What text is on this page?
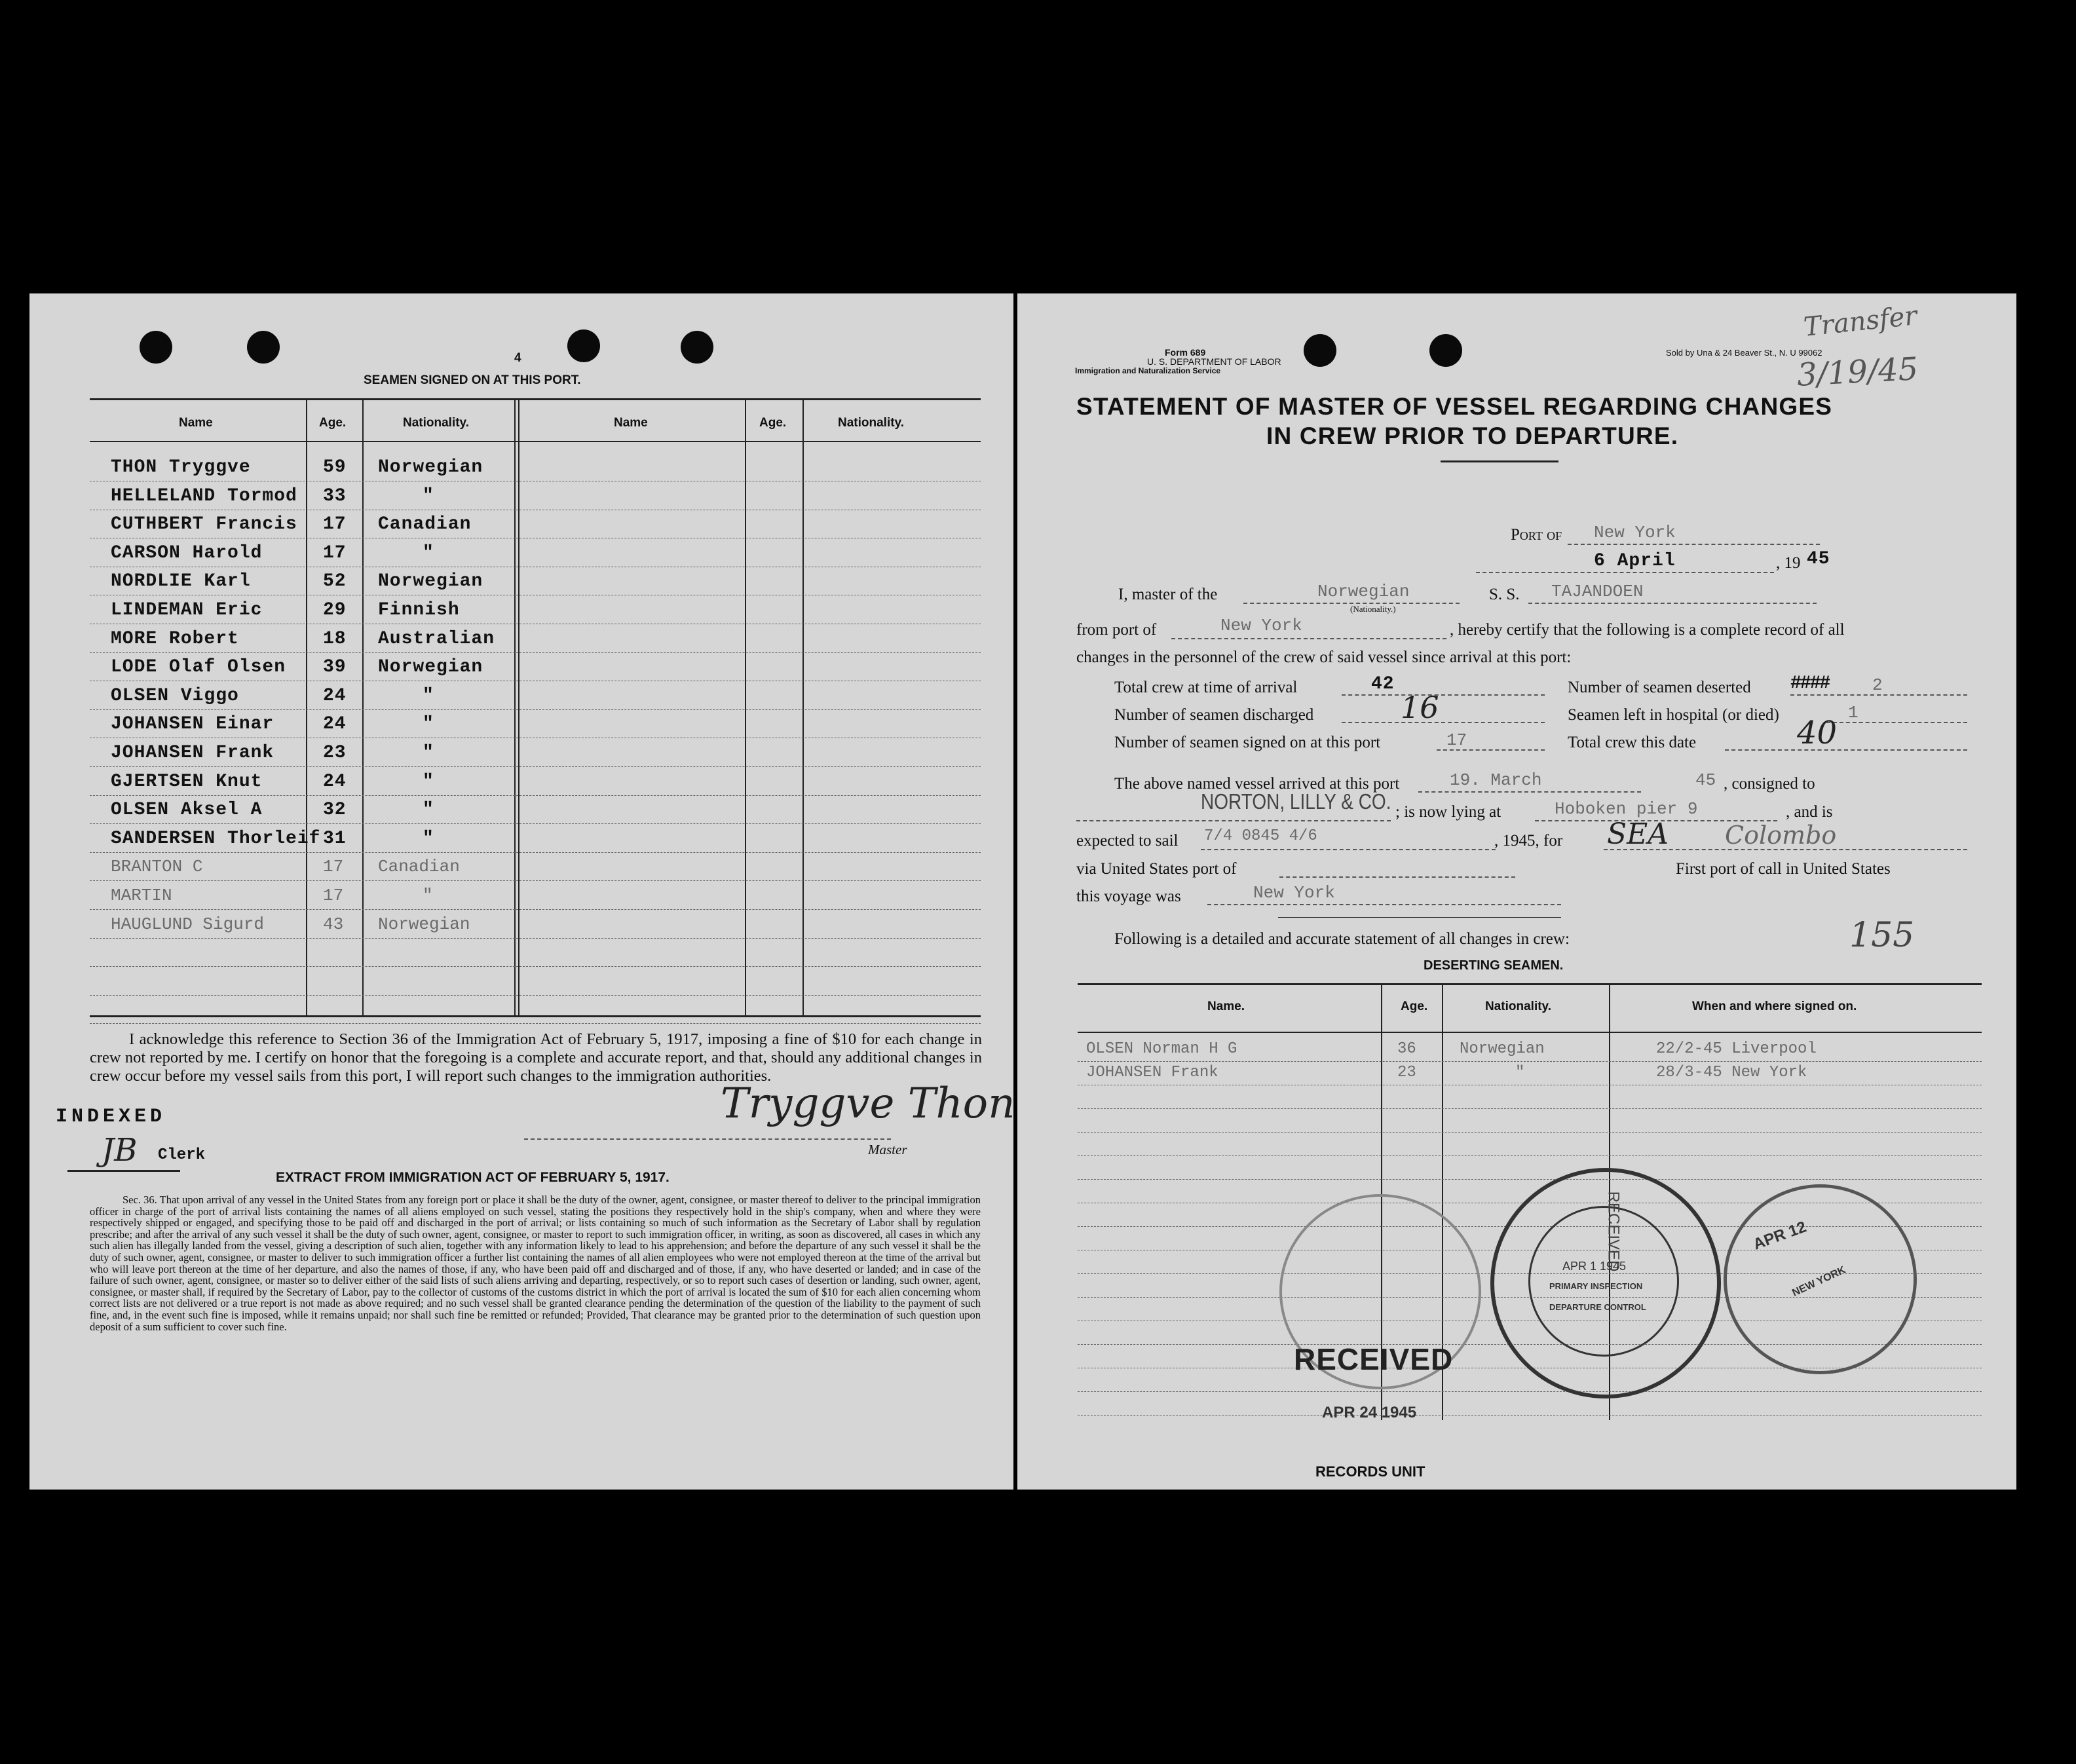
4
SEAMEN SIGNED ON AT THIS PORT.
Name	Age.	Nationality.	Name	Age.	Nationality.
THON Tryggve	59 Norwegian
HELLELAND Tormod 33	"
CUTHBERT Francis 17 Canadian
CARSON Harold	17	"
NORDLIE Karl	52 Norwegian
LINDEMAN Eric	29 Finnish
MORE Robert	18 Australian
LODE Olaf Olsen 39 Norwegian
OLSEN Viggo	24	"
JOHANSEN Einar	24	"
JOHANSEN Frank	23	"
GJERTSEN Knut	24	"
OLSEN Aksel A	32	"
SANDERSEN Thorleif 31	"
BRANTON C	17 Canadian
MARTIN	17	"
HAUGLUND Sigurd	43 Norwegian
I acknowledge this reference to Section 36 of the Immigration Act of February 5, 1917, imposing a fine of $10 for each change in crew not reported by me. I certify on honor that the foregoing is a complete and accurate report, and that, should any additional changes in crew occur before my vessel sails from this port, I will report such changes to the immigration authorities.
INDEXED
JB Clerk
Tryggve Thon
Master
EXTRACT FROM IMMIGRATION ACT OF FEBRUARY 5, 1917.
Sec. 36. That upon arrival of any vessel in the United States from any foreign port or place it shall be the duty of the owner, agent, consignee, or master thereof to deliver to the principal immigration officer in charge of the port of arrival lists containing the names of all aliens employed on such vessel, stating the positions they respectively hold in the ship's company, when and where they were respectively shipped or engaged, and specifying those to be paid off and discharged in the port of arrival; or lists containing so much of such information as the Secretary of Labor shall by regulation prescribe; and after the arrival of any such vessel it shall be the duty of such owner, agent, consignee, or master to report to such immigration officer, in writing, as soon as discovered, all cases in which any such alien has illegally landed from the vessel, giving a description of such alien, together with any information likely to lead to his apprehension; and before the departure of any such vessel it shall be the duty of such owner, agent, consignee, or master to deliver to such immigration officer a further list containing the names of all alien employees who were not employed thereon at the time of the arrival but who will leave port thereon at the time of her departure, and also the names of those, if any, who have been paid off and discharged and of those, if any, who have deserted or landed; and in case of the failure of such owner, agent, consignee, or master so to deliver either of the said lists of such aliens arriving and departing, respectively, or so to report such cases of desertion or landing, such owner, agent, consignee, or master shall, if required by the Secretary of Labor, pay to the collector of customs of the customs district in which the port of arrival is located the sum of $10 for each alien concerning whom correct lists are not delivered or a true report is not made as above required; and no such vessel shall be granted clearance pending the determination of the question of the liability to the payment of such fine, and, in the event such fine is imposed, while it remains unpaid; nor shall such fine be remitted or refunded; Provided, That clearance may be granted prior to the determination of such question upon deposit of a sum sufficient to cover such fine.
Form 689
U. S. DEPARTMENT OF LABOR
Immigration and Naturalization Service
Sold by Una & 24 Beaver St., N. U 99062
Transfer
3/19/45
STATEMENT OF MASTER OF VESSEL REGARDING CHANGES
IN CREW PRIOR TO DEPARTURE.
Port of New York
6 April	, 19 45
I, master of the	Norwegian
(Nationality.)
S. S. TAJANDOEN
from port of	New York	, hereby certify that the following is a complete record of all
changes in the personnel of the crew of said vessel since arrival at this port:
Total crew at time of arrival	42
Number of seamen discharged	16
Number of seamen signed on at this port	17
Number of seamen deserted ####	2
Seamen left in hospital (or died)	1
Total crew this date	40
The above named vessel arrived at this port	19. March	45 , consigned to
NORTON, LILLY & CO. ; is now lying at	Hoboken pier 9	, and is
expected to sail 7/4 0845 4/6	, 1945, for SEA Colombo
via United States port of	First port of call in United States
this voyage was	New York
Following is a detailed and accurate statement of all changes in crew:	155
DESERTING SEAMEN.
Name.	Age.	Nationality.	When and where signed on.
OLSEN Norman H G	36	Norwegian	22/2-45 Liverpool
JOHANSEN Frank	23	"	28/3-45 New York
RECEIVED
APR 1 1945
PRIMARY INSPECTION
DEPARTURE CONTROL
APR 12
NEW YORK
RECEIVED
APR 24 1945
RECORDS UNIT
